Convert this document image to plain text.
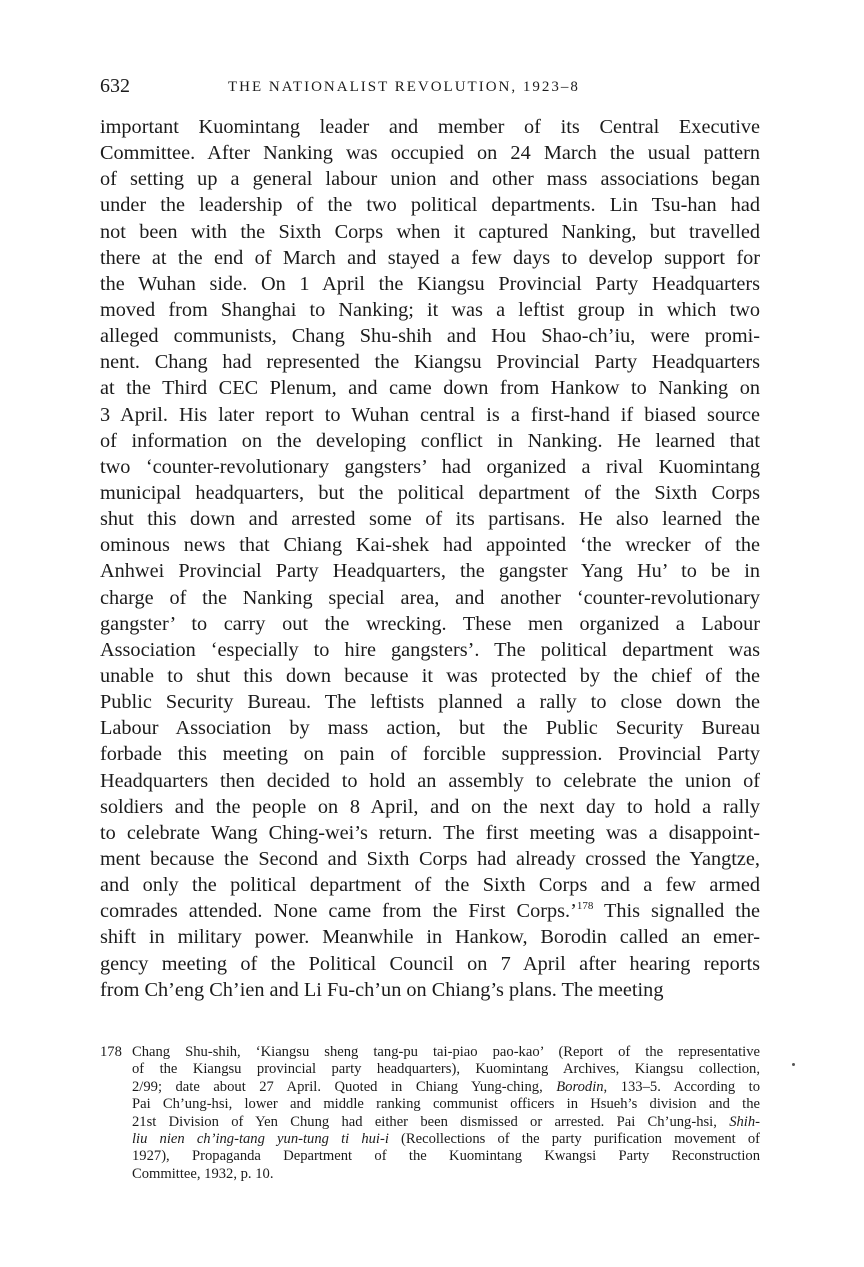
632	THE NATIONALIST REVOLUTION, 1923–8
important Kuomintang leader and member of its Central Executive
Committee. After Nanking was occupied on 24 March the usual pattern
of setting up a general labour union and other mass associations began
under the leadership of the two political departments. Lin Tsu-han had
not been with the Sixth Corps when it captured Nanking, but travelled
there at the end of March and stayed a few days to develop support for
the Wuhan side. On 1 April the Kiangsu Provincial Party Headquarters
moved from Shanghai to Nanking; it was a leftist group in which two
alleged communists, Chang Shu-shih and Hou Shao-ch’iu, were promi-
nent. Chang had represented the Kiangsu Provincial Party Headquarters
at the Third CEC Plenum, and came down from Hankow to Nanking on
3 April. His later report to Wuhan central is a first-hand if biased source
of information on the developing conflict in Nanking. He learned that
two ‘counter-revolutionary gangsters’ had organized a rival Kuomintang
municipal headquarters, but the political department of the Sixth Corps
shut this down and arrested some of its partisans. He also learned the
ominous news that Chiang Kai-shek had appointed ‘the wrecker of the
Anhwei Provincial Party Headquarters, the gangster Yang Hu’ to be in
charge of the Nanking special area, and another ‘counter-revolutionary
gangster’ to carry out the wrecking. These men organized a Labour
Association ‘especially to hire gangsters’. The political department was
unable to shut this down because it was protected by the chief of the
Public Security Bureau. The leftists planned a rally to close down the
Labour Association by mass action, but the Public Security Bureau
forbade this meeting on pain of forcible suppression. Provincial Party
Headquarters then decided to hold an assembly to celebrate the union of
soldiers and the people on 8 April, and on the next day to hold a rally
to celebrate Wang Ching-wei’s return. The first meeting was a disappoint-
ment because the Second and Sixth Corps had already crossed the Yangtze,
and only the political department of the Sixth Corps and a few armed
comrades attended. None came from the First Corps.’$^{178}$ This signalled the
shift in military power. Meanwhile in Hankow, Borodin called an emer-
gency meeting of the Political Council on 7 April after hearing reports
from Ch’eng Ch’ien and Li Fu-ch’un on Chiang’s plans. The meeting
178 Chang Shu-shih, ‘Kiangsu sheng tang-pu tai-piao pao-kao’ (Report of the representative
of the Kiangsu provincial party headquarters), Kuomintang Archives, Kiangsu collection,
2/99; date about 27 April. Quoted in Chiang Yung-ching, Borodin, 133–5. According to
Pai Ch’ung-hsi, lower and middle ranking communist officers in Hsueh’s division and the
21st Division of Yen Chung had either been dismissed or arrested. Pai Ch’ung-hsi, Shih-
liu nien ch’ing-tang yun-tung ti hui-i (Recollections of the party purification movement of
1927), Propaganda Department of the Kuomintang Kwangsi Party Reconstruction
Committee, 1932, p. 10.
